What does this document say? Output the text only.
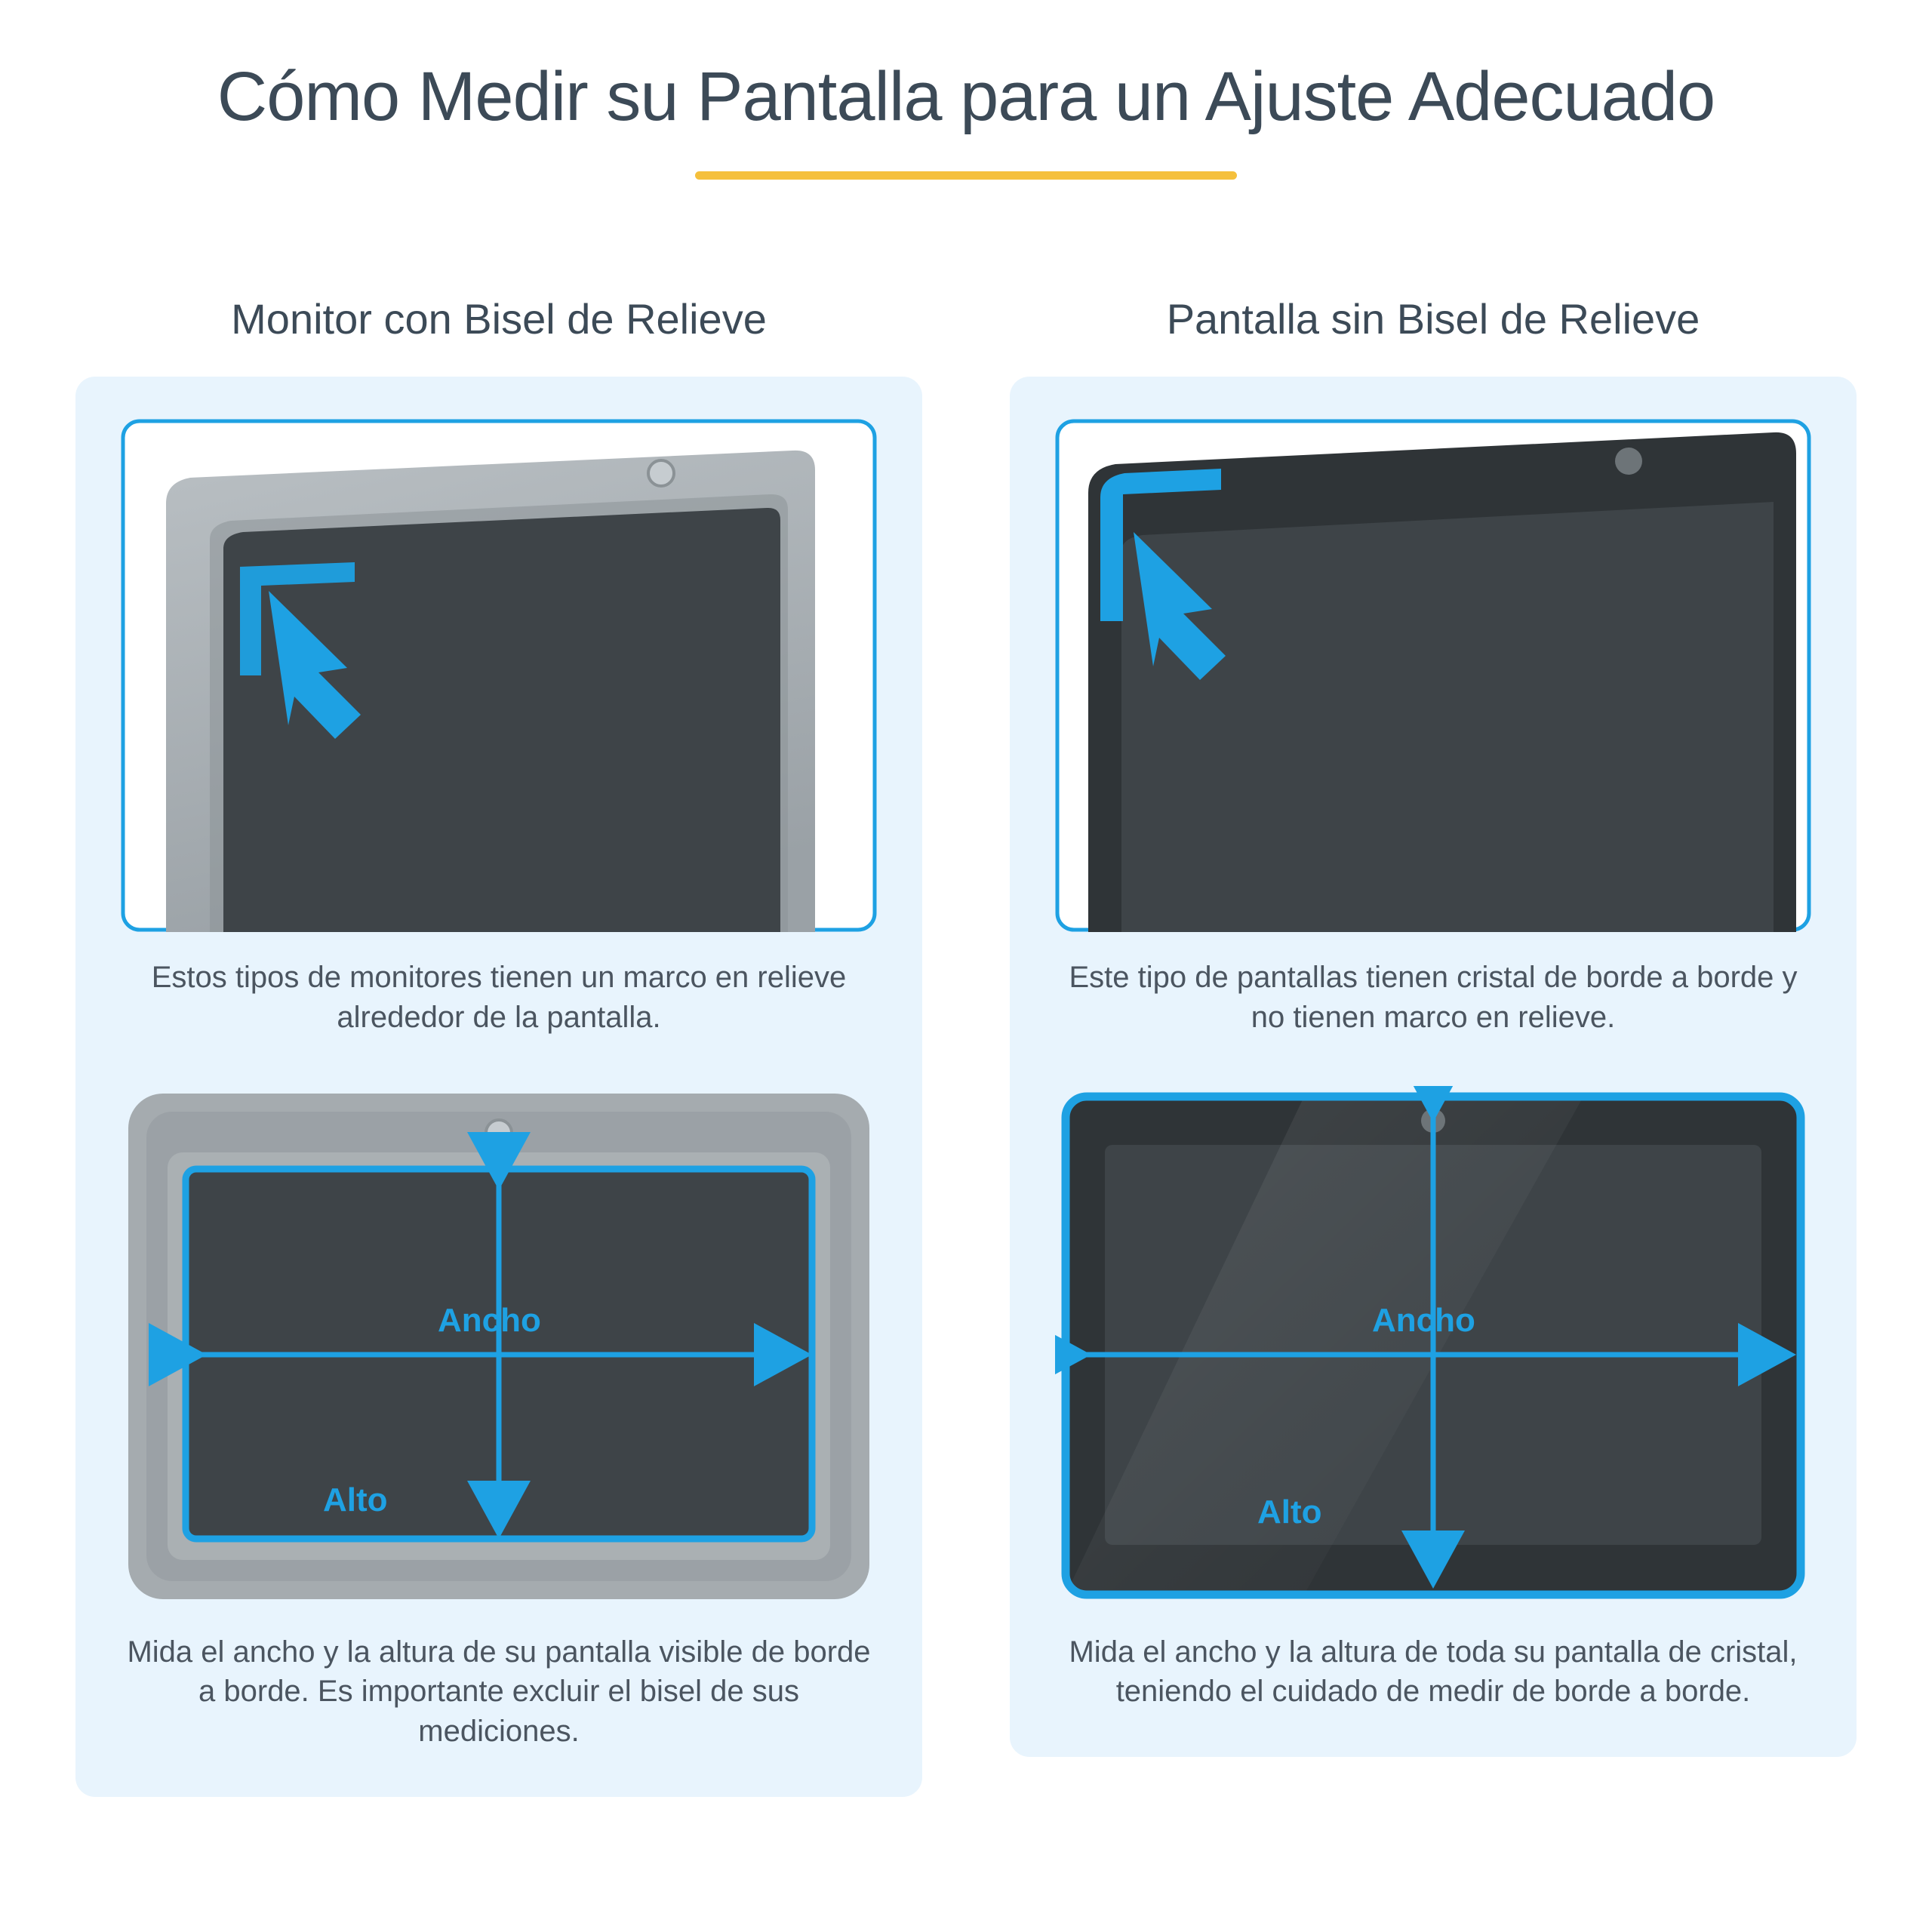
Cómo Medir su Pantalla para un Ajuste Adecuado
Monitor con Bisel de Relieve
Estos tipos de monitores tienen un marco en relieve alrededor de la pantalla.
Ancho
Alto
Mida el ancho y la altura de su pantalla visible de borde a borde. Es importante excluir el bisel de sus mediciones.
Pantalla sin Bisel de Relieve
Este tipo de pantallas tienen cristal de borde a borde y no tienen marco en relieve.
Ancho
Alto
Mida el ancho y la altura de toda su pantalla de cristal, teniendo el cuidado de medir de borde a borde.
